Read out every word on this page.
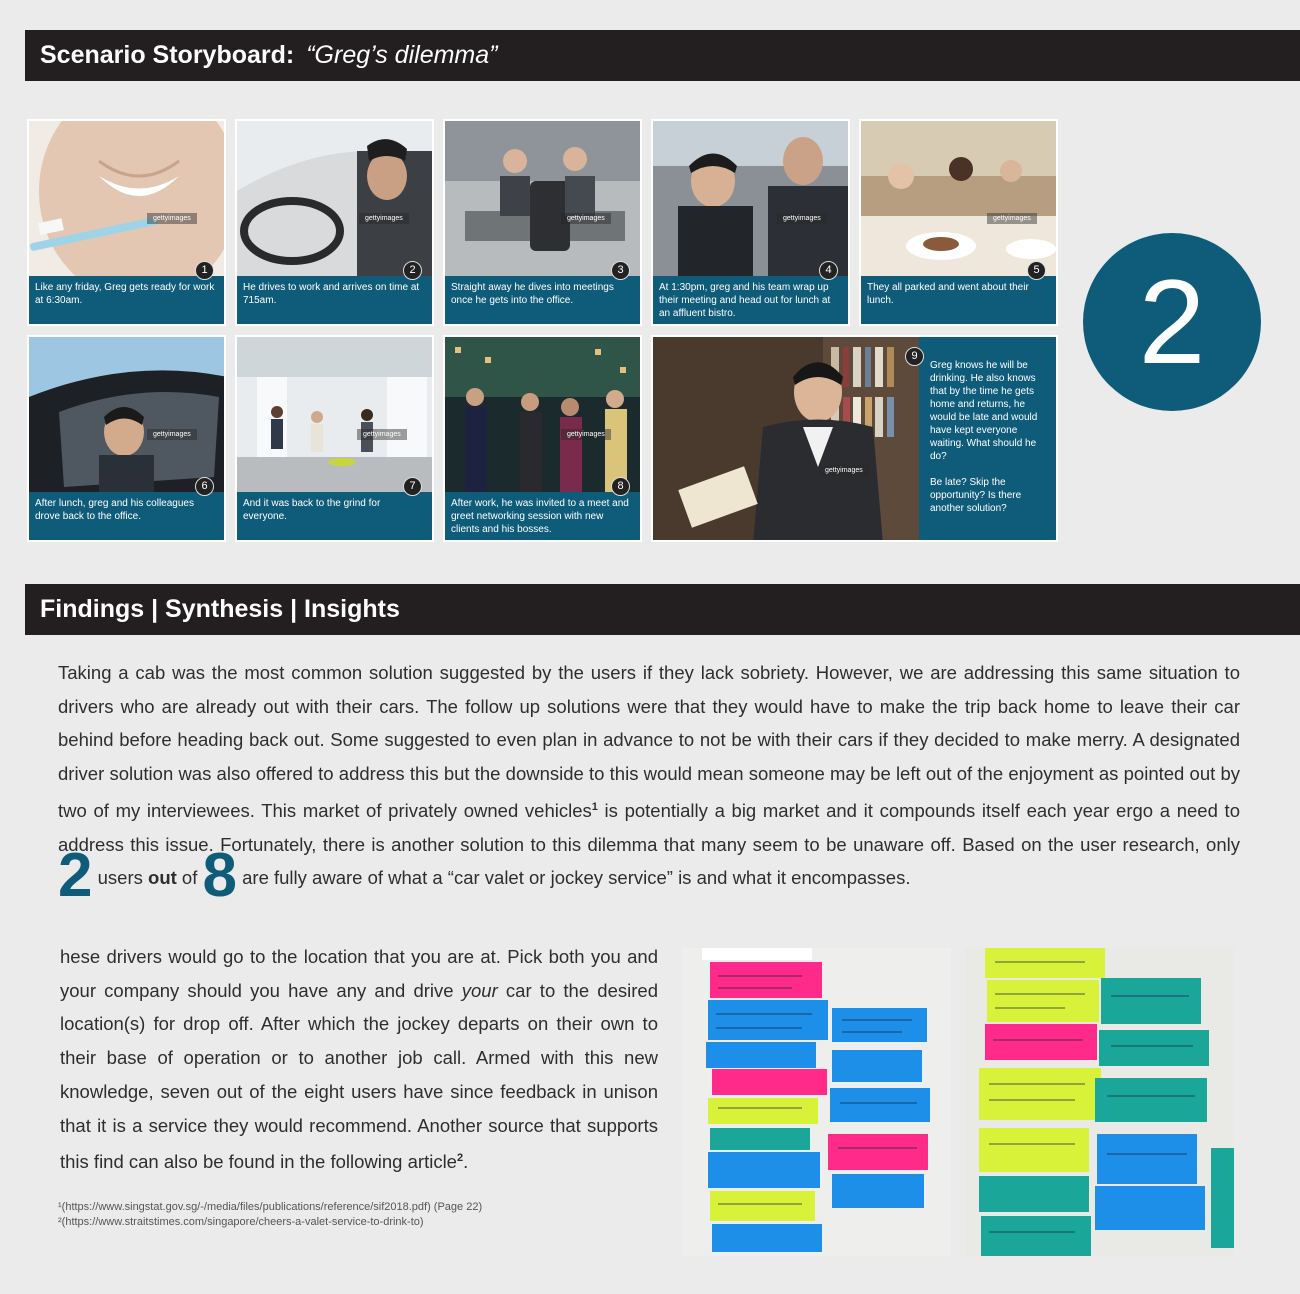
Scenario Storyboard: “Greg’s dilemma”
gettyimages
1
Like any friday, Greg gets ready for work at 6:30am.
gettyimages
2
He drives to work and arrives on time at 715am.
gettyimages
3
Straight away he dives into meetings once he gets into the office.
gettyimages
4
At 1:30pm, greg and his team wrap up their meeting and head out for lunch at an affluent bistro.
gettyimages
5
They all parked and went about their lunch.	2
gettyimages
6
After lunch, greg and his colleagues drove back to the office.
gettyimages
7
And it was back to the grind for everyone.
gettyimages
8
After work, he was invited to a meet and greet networking session with new clients and his bosses.
gettyimages
9
Greg knows he will be drinking. He also knows that by the time he gets home and returns, he would be late and would have kept everyone waiting. What should he do?
Be late? Skip the opportunity? Is there another solution?
Findings | Synthesis | Insights
Taking a cab was the most common solution suggested by the users if they lack sobriety. However, we are addressing this same situation to drivers who are already out with their cars. The follow up solutions were that they would have to make the trip back home to leave their car behind before heading back out. Some suggested to even plan in advance to not be with their cars if they decided to make merry. A designated driver solution was also offered to address this but the downside to this would mean someone may be left out of the enjoyment as pointed out by two of my interviewees. This market of privately owned vehicles$^1$ is potentially a big market and it compounds itself each year ergo a need to address this issue. Fortunately, there is another solution to this dilemma that many seem to be unaware off. Based on the user research, only 2 users out of 8 are fully aware of what a “car valet or jockey service” is and what it encompasses.
hese drivers would go to the location that you are at. Pick both you and your company should you have any and drive your car to the desired location(s) for drop off. After which the jockey departs on their own to their base of operation or to another job call. Armed with this new knowledge, seven out of the eight users have since feedback in unison that it is a service they would recommend. Another source that supports this find can also be found in the following article$^2$.
¹(https://www.singstat.gov.sg/-/media/files/publications/reference/sif2018.pdf) (Page 22)
²(https://www.straitstimes.com/singapore/cheers-a-valet-service-to-drink-to)
